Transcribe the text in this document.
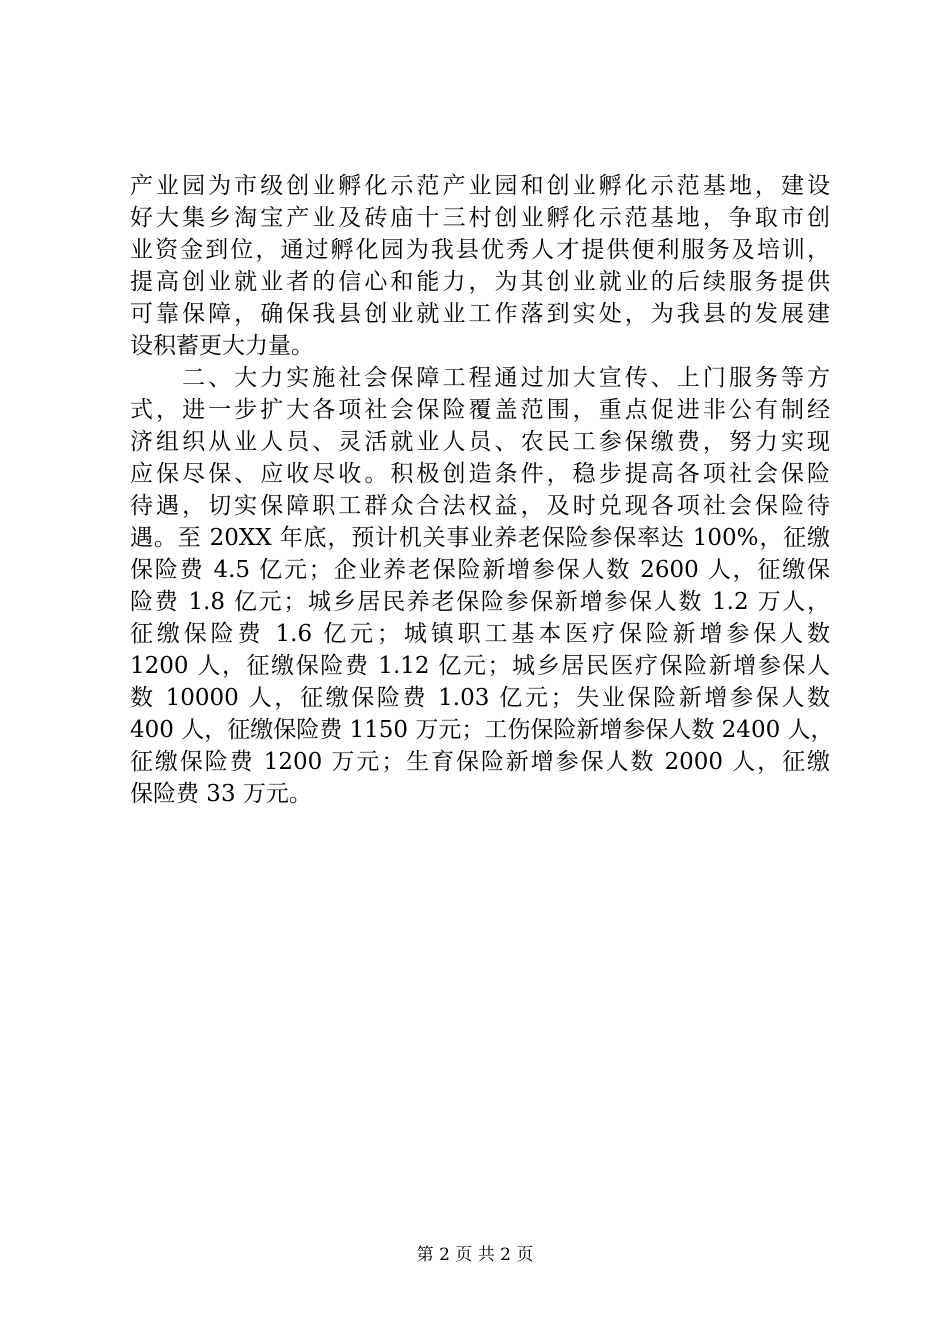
产业园为市级创业孵化示范产业园和创业孵化示范基地，建设
好大集乡淘宝产业及砖庙十三村创业孵化示范基地，争取市创
业资金到位，通过孵化园为我县优秀人才提供便利服务及培训，
提高创业就业者的信心和能力，为其创业就业的后续服务提供
可靠保障，确保我县创业就业工作落到实处，为我县的发展建
设积蓄更大力量。
　　二、大力实施社会保障工程通过加大宣传、上门服务等方
式，进一步扩大各项社会保险覆盖范围，重点促进非公有制经
济组织从业人员、灵活就业人员、农民工参保缴费，努力实现
应保尽保、应收尽收。积极创造条件，稳步提高各项社会保险
待遇，切实保障职工群众合法权益，及时兑现各项社会保险待
遇。至 20XX 年底，预计机关事业养老保险参保率达 100%，征缴
保险费 4.5 亿元；企业养老保险新增参保人数 2600 人，征缴保
险费 1.8 亿元；城乡居民养老保险参保新增参保人数 1.2 万人，
征缴保险费 1.6 亿元；城镇职工基本医疗保险新增参保人数
1200 人，征缴保险费 1.12 亿元；城乡居民医疗保险新增参保人
数 10000 人，征缴保险费 1.03 亿元；失业保险新增参保人数
400 人，征缴保险费 1150 万元；工伤保险新增参保人数 2400 人，
征缴保险费 1200 万元；生育保险新增参保人数 2000 人，征缴
保险费 33 万元。
第 2 页 共 2 页
